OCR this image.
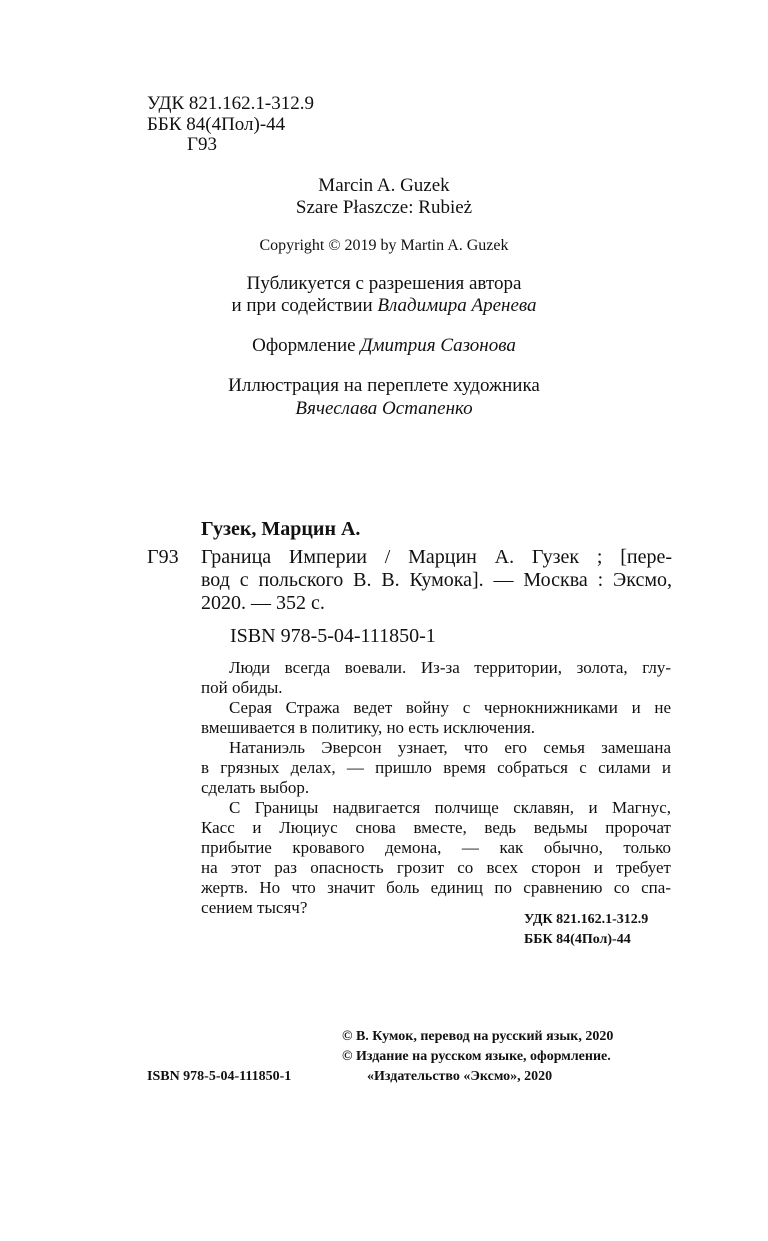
УДК 821.162.1-312.9
ББК 84(4Пол)-44
Г93
Marcin A. Guzek
Szare Płaszcze: Rubież
Copyright © 2019 by Martin A. Guzek
Публикуется с разрешения автора
и при содействии Владимира Аренева
Оформление Дмитрия Сазонова
Иллюстрация на переплете художника
Вячеслава Остапенко
Гузек, Марцин А.
Г93 Граница Империи / Марцин А. Гузек ; [пере-
вод с польского В. В. Кумока]. — Москва : Эксмо,
2020. — 352 с.
ISBN 978-5-04-111850-1
Люди всегда воевали. Из-за территории, золота, глу-
пой обиды.
Серая Стража ведет войну с чернокнижниками и не
вмешивается в политику, но есть исключения.
Натаниэль Эверсон узнает, что его семья замешана
в грязных делах, — пришло время собраться с силами и
сделать выбор.
С Границы надвигается полчище склавян, и Магнус,
Касс и Люциус снова вместе, ведь ведьмы пророчат
прибытие кровавого демона, — как обычно, только
на этот раз опасность грозит со всех сторон и требует
жертв. Но что значит боль единиц по сравнению со спа-
сением тысяч?
УДК 821.162.1-312.9
ББК 84(4Пол)-44
© В. Кумок, перевод на русский язык, 2020
© Издание на русском языке, оформление.
ISBN 978-5-04-111850-1	«Издательство «Эксмо», 2020
